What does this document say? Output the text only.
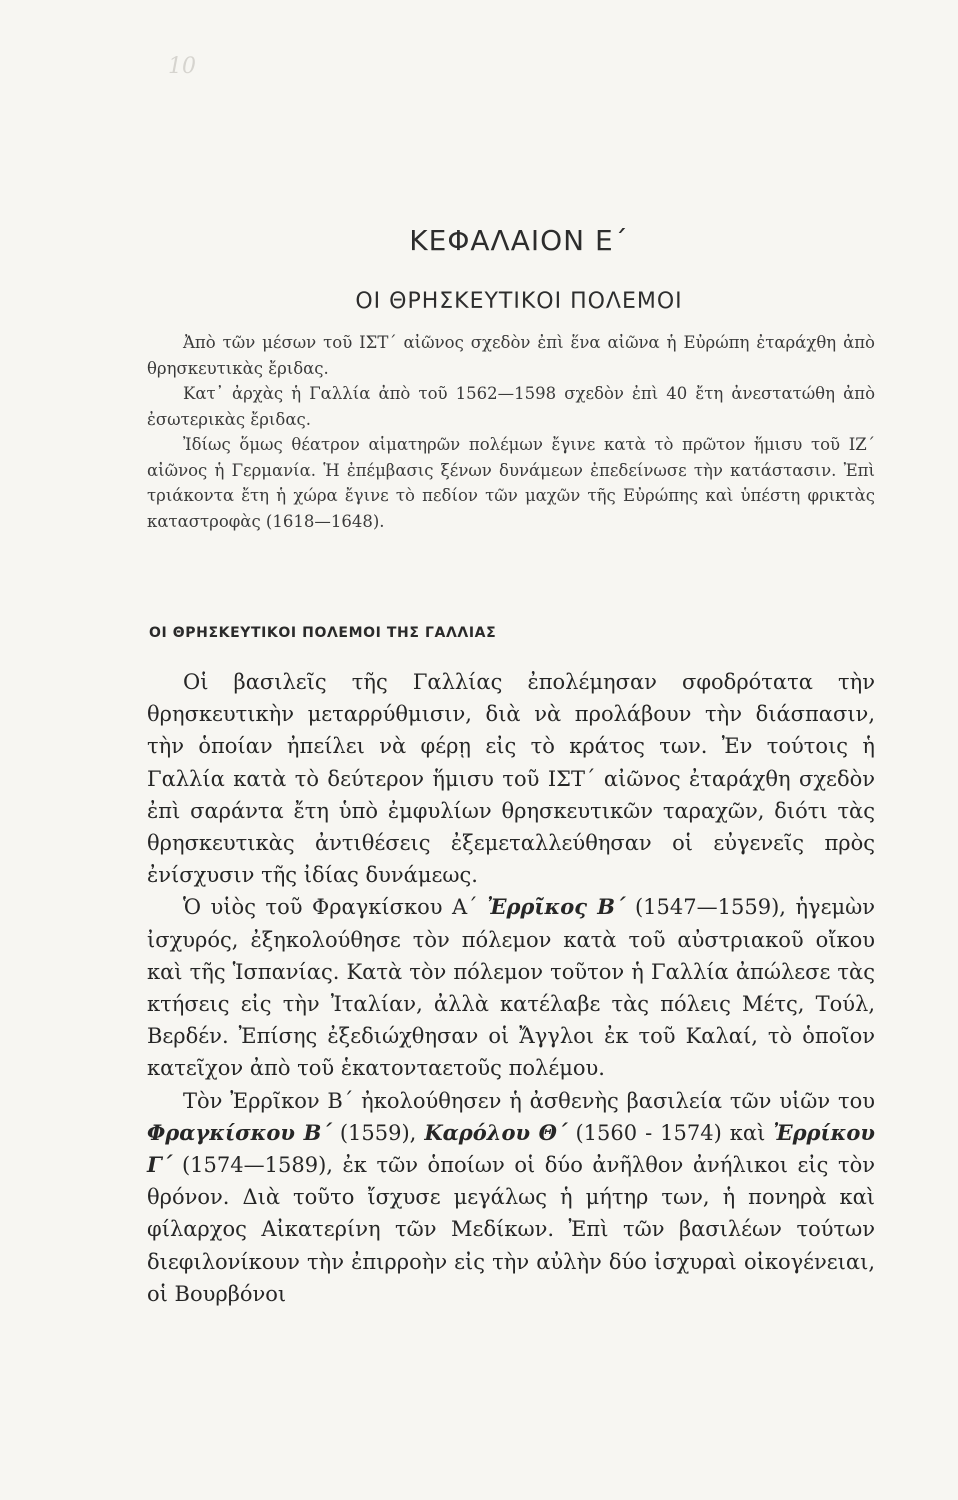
10
ΚΕΦΑΛΑΙΟΝ Ε΄
ΟΙ ΘΡΗΣΚΕΥΤΙΚΟΙ ΠΟΛΕΜΟΙ

Ἀπὸ τῶν μέσων τοῦ ΙΣΤ΄ αἰῶνος σχεδὸν ἐπὶ ἕνα αἰῶνα ἡ Εὐρώπη ἐταράχθη ἀπὸ θρησκευτικὰς ἔριδας.

Κατ᾽ ἀρχὰς ἡ Γαλλία ἀπὸ τοῦ 1562—1598 σχεδὸν ἐπὶ 40 ἔτη ἀνεστατώθη ἀπὸ ἐσωτερικὰς ἔριδας.

Ἰδίως ὅμως θέατρον αἱματηρῶν πολέμων ἔγινε κατὰ τὸ πρῶτον ἥμισυ τοῦ ΙΖ΄ αἰῶνος ἡ Γερμανία. Ἡ ἐπέμβασις ξένων δυνάμεων ἐπεδείνωσε τὴν κατάστασιν. Ἐπὶ τριάκοντα ἔτη ἡ χώρα ἔγινε τὸ πεδίον τῶν μαχῶν τῆς Εὐρώπης καὶ ὑπέστη φρικτὰς καταστροφὰς (1618—1648).

ΟΙ ΘΡΗΣΚΕΥΤΙΚΟΙ ΠΟΛΕΜΟΙ ΤΗΣ ΓΑΛΛΙΑΣ

Οἱ βασιλεῖς τῆς Γαλλίας ἐπολέμησαν σφοδρότατα τὴν θρησκευτικὴν μεταρρύθμισιν, διὰ νὰ προλάβουν τὴν διάσπασιν, τὴν ὁποίαν ἠπείλει νὰ φέρῃ εἰς τὸ κράτος των. Ἐν τούτοις ἡ Γαλλία κατὰ τὸ δεύτερον ἥμισυ τοῦ ΙΣΤ΄ αἰῶνος ἐταράχθη σχεδὸν ἐπὶ σαράντα ἔτη ὑπὸ ἐμφυλίων θρησκευτικῶν ταραχῶν, διότι τὰς θρησκευτικὰς ἀντιθέσεις ἐξεμεταλλεύθησαν οἱ εὐγενεῖς πρὸς ἐνίσχυσιν τῆς ἰδίας δυνάμεως.

Ὁ υἱὸς τοῦ Φραγκίσκου Α΄ Ἐρρῖκος Β΄ (1547—1559), ἡγεμὼν ἰσχυρός, ἐξηκολούθησε τὸν πόλεμον κατὰ τοῦ αὐστριακοῦ οἴκου καὶ τῆς Ἱσπανίας. Κατὰ τὸν πόλεμον τοῦτον ἡ Γαλλία ἀπώλεσε τὰς κτήσεις εἰς τὴν Ἰταλίαν, ἀλλὰ κατέλαβε τὰς πόλεις Μέτς, Τούλ, Βερδέν. Ἐπίσης ἐξεδιώχθησαν οἱ Ἄγγλοι ἐκ τοῦ Καλαί, τὸ ὁποῖον κατεῖχον ἀπὸ τοῦ ἑκατονταετοῦς πολέμου.

Τὸν Ἐρρῖκον Β΄ ἠκολούθησεν ἡ ἀσθενὴς βασιλεία τῶν υἱῶν του Φραγκίσκου Β΄ (1559), Καρόλου Θ΄ (1560 - 1574) καὶ Ἐρρίκου Γ΄ (1574—1589), ἐκ τῶν ὁποίων οἱ δύο ἀνῆλθον ἀνήλικοι εἰς τὸν θρόνον. Διὰ τοῦτο ἴσχυσε μεγάλως ἡ μήτηρ των, ἡ πονηρὰ καὶ φίλαρχος Αἰκατερίνη τῶν Μεδίκων. Ἐπὶ τῶν βασιλέων τούτων διεφιλονίκουν τὴν ἐπιρροὴν εἰς τὴν αὐλὴν δύο ἰσχυραὶ οἰκογένειαι, οἱ Βουρβόνοι
